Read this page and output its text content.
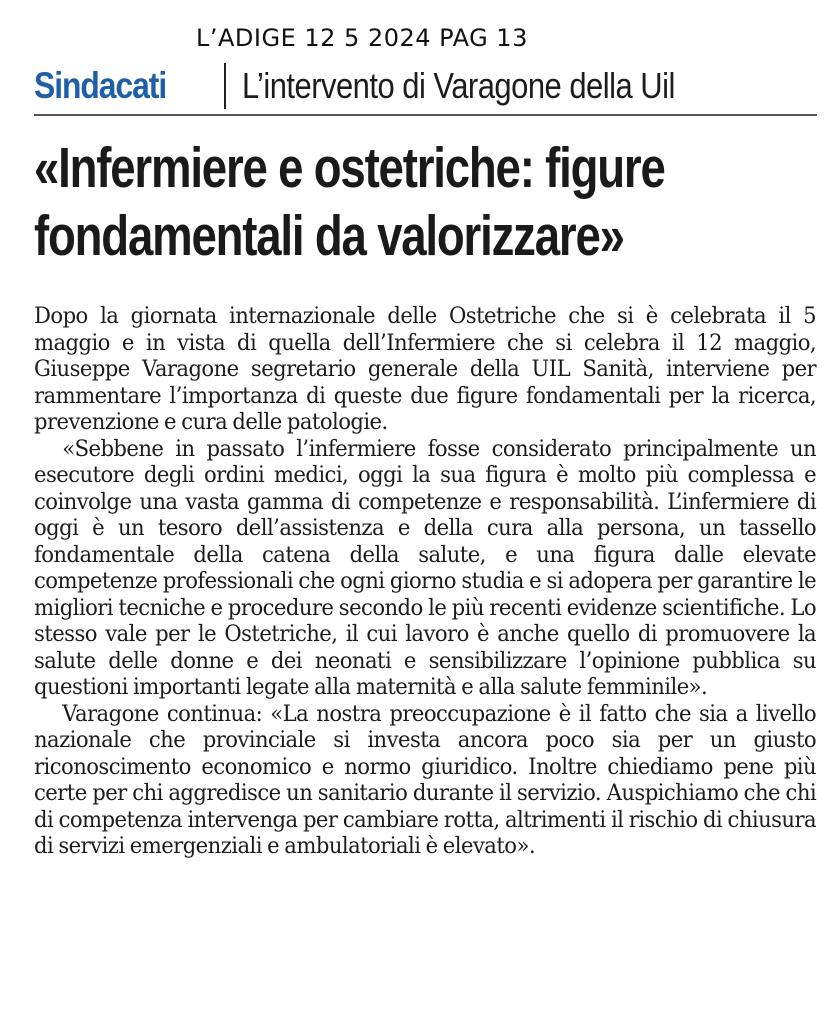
L’ADIGE 12 5 2024 PAG 13
Sindacati	L’intervento di Varagone della Uil
«Infermiere e ostetriche: figure
fondamentali da valorizzare»

Dopo la giornata internazionale delle Ostetriche che si è celebrata il 5 maggio e in vista di quella dell’Infermiere che si celebra il 12 maggio, Giuseppe Varagone segretario generale della UIL Sanità, interviene per rammentare l’importanza di queste due figure fondamentali per la ricerca, prevenzione e cura delle patologie.

«Sebbene in passato l’infermiere fosse considerato principalmente un esecutore degli ordini medici, oggi la sua figura è molto più complessa e coinvolge una vasta gamma di competenze e responsabilità. L’infermiere di oggi è un tesoro dell’assistenza e della cura alla persona, un tassello fondamentale della catena della salute, e una figura dalle elevate competenze professionali che ogni giorno studia e si adopera per garantire le migliori tecniche e procedure secondo le più recenti evidenze scientifiche. Lo stesso vale per le Ostetriche, il cui lavoro è anche quello di promuovere la salute delle donne e dei neonati e sensibilizzare l’opinione pubblica su questioni importanti legate alla maternità e alla salute femminile».

Varagone continua: «La nostra preoccupazione è il fatto che sia a livello nazionale che provinciale si investa ancora poco sia per un giusto riconoscimento economico e normo giuridico. Inoltre chiediamo pene più certe per chi aggredisce un sanitario durante il servizio. Auspichiamo che chi di competenza intervenga per cambiare rotta, altrimenti il rischio di chiusura di servizi emergenziali e ambulatoriali è elevato».
